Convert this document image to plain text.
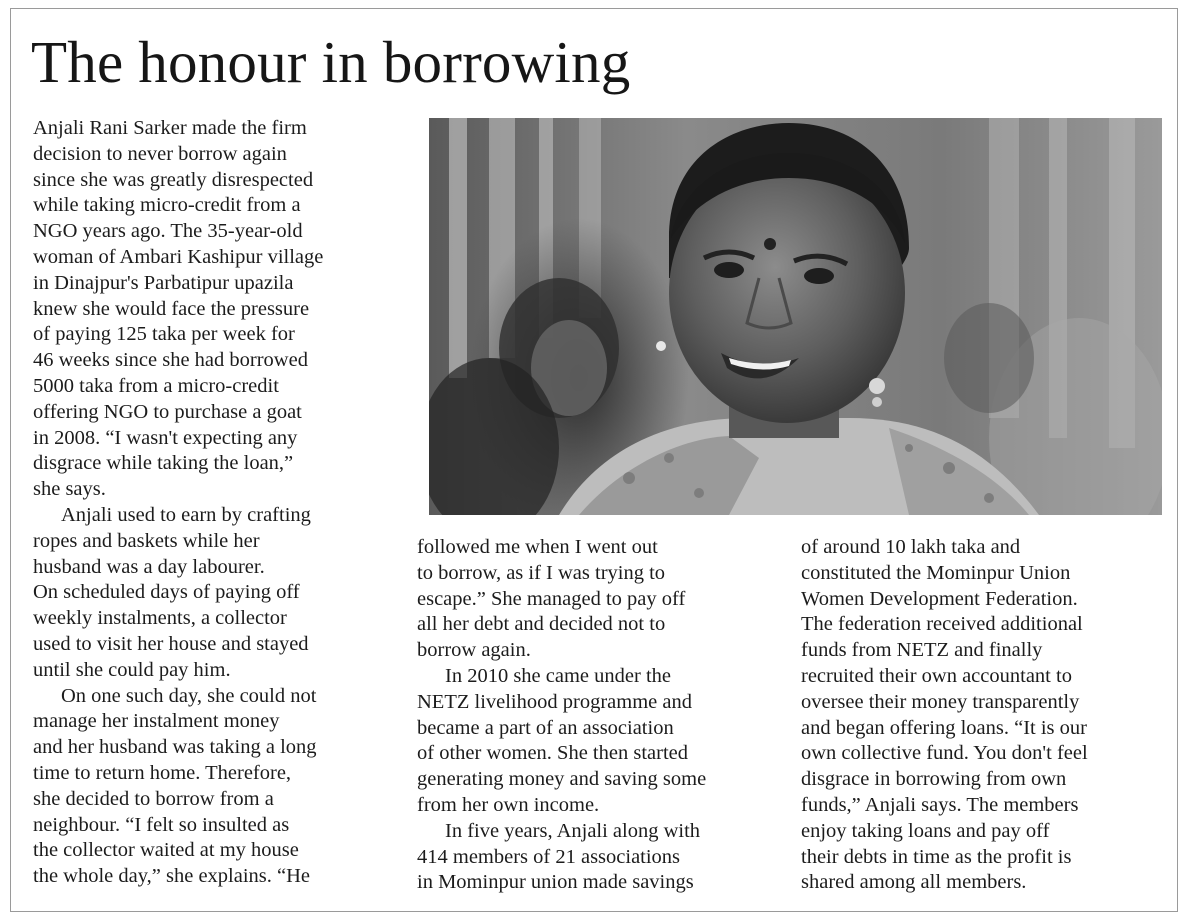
The honour in borrowing

Anjali Rani Sarker made the firm
decision to never borrow again
since she was greatly disrespected
while taking micro-credit from a
NGO years ago. The 35-year-old
woman of Ambari Kashipur village
in Dinajpur's Parbatipur upazila
knew she would face the pressure
of paying 125 taka per week for
46 weeks since she had borrowed
5000 taka from a micro-credit
offering NGO to purchase a goat
in 2008. “I wasn't expecting any
disgrace while taking the loan,”
she says.

Anjali used to earn by crafting
ropes and baskets while her
husband was a day labourer.
On scheduled days of paying off
weekly instalments, a collector
used to visit her house and stayed
until she could pay him.

On one such day, she could not
manage her instalment money
and her husband was taking a long
time to return home. Therefore,
she decided to borrow from a
neighbour. “I felt so insulted as
the collector waited at my house
the whole day,” she explains. “He

followed me when I went out
to borrow, as if I was trying to
escape.” She managed to pay off
all her debt and decided not to
borrow again.

In 2010 she came under the
NETZ livelihood programme and
became a part of an association
of other women. She then started
generating money and saving some
from her own income.

In five years, Anjali along with
414 members of 21 associations
in Mominpur union made savings

of around 10 lakh taka and
constituted the Mominpur Union
Women Development Federation.
The federation received additional
funds from NETZ and finally
recruited their own accountant to
oversee their money transparently
and began offering loans. “It is our
own collective fund. You don't feel
disgrace in borrowing from own
funds,” Anjali says. The members
enjoy taking loans and pay off
their debts in time as the profit is
shared among all members.
